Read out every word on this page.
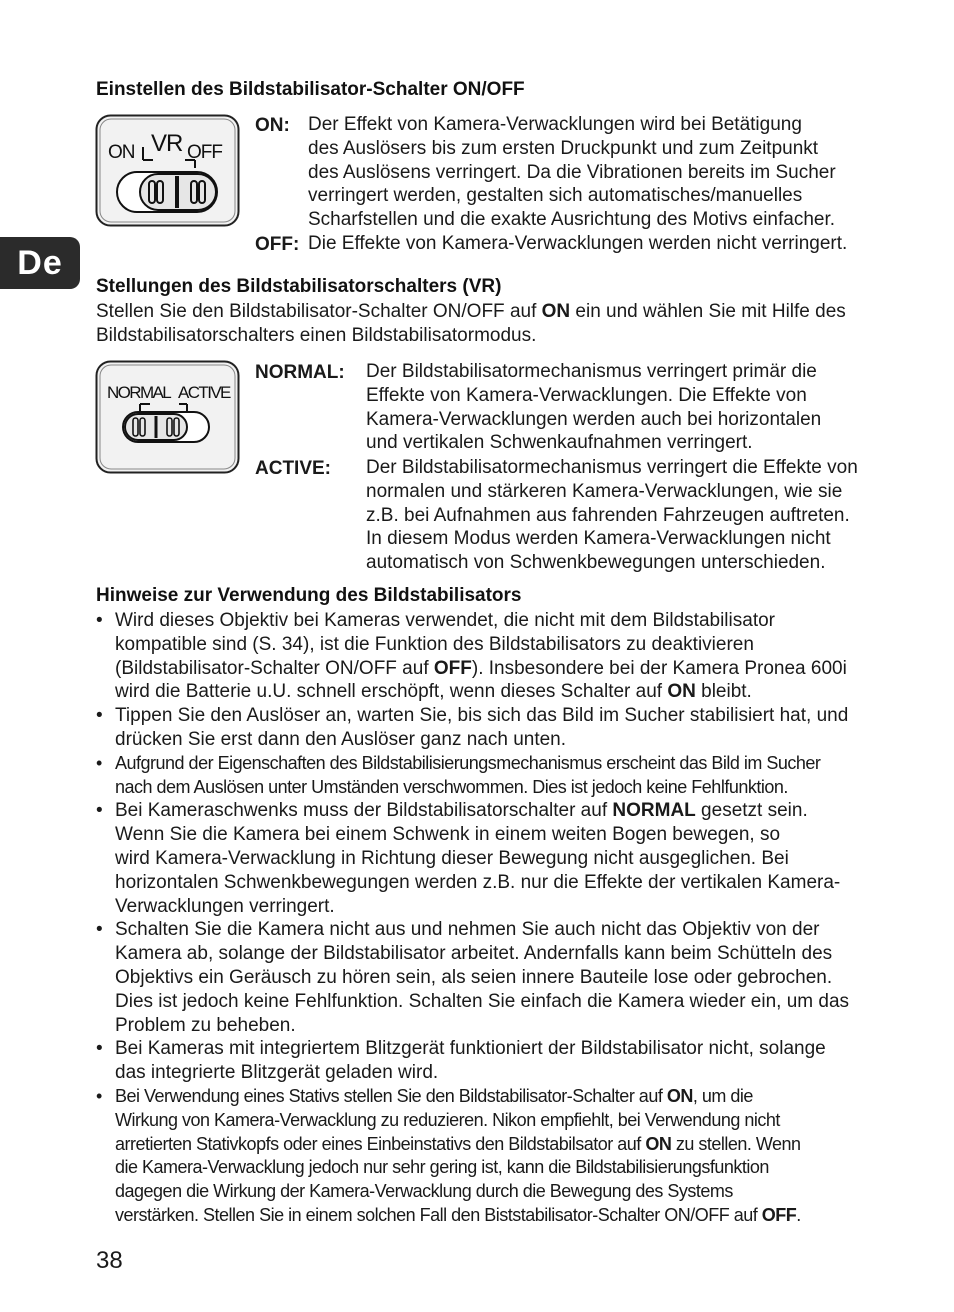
De
Einstellen des Bildstabilisator-Schalter ON/OFF
VR
ON	OFF
ON: Der Effekt von Kamera-Verwacklungen wird bei Betätigung
des Auslösers bis zum ersten Druckpunkt und zum Zeitpunkt
des Auslösens verringert. Da die Vibrationen bereits im Sucher
verringert werden, gestalten sich automatisches/manuelles
Scharfstellen und die exakte Ausrichtung des Motivs einfacher.
OFF: Die Effekte von Kamera-Verwacklungen werden nicht verringert.
Stellungen des Bildstabilisatorschalters (VR)
Stellen Sie den Bildstabilisator-Schalter ON/OFF auf ON ein und wählen Sie mit Hilfe des
Bildstabilisatorschalters einen Bildstabilisatormodus.
NORMAL ACTIVE
NORMAL: Der Bildstabilisatormechanismus verringert primär die
Effekte von Kamera-Verwacklungen. Die Effekte von
Kamera-Verwacklungen werden auch bei horizontalen
und vertikalen Schwenkaufnahmen verringert.
ACTIVE: Der Bildstabilisatormechanismus verringert die Effekte von
normalen und stärkeren Kamera-Verwacklungen, wie sie
z.B. bei Aufnahmen aus fahrenden Fahrzeugen auftreten.
In diesem Modus werden Kamera-Verwacklungen nicht
automatisch von Schwenkbewegungen unterschieden.
Hinweise zur Verwendung des Bildstabilisators
• Wird dieses Objektiv bei Kameras verwendet, die nicht mit dem Bildstabilisator
kompatible sind (S. 34), ist die Funktion des Bildstabilisators zu deaktivieren
(Bildstabilisator-Schalter ON/OFF auf OFF). Insbesondere bei der Kamera Pronea 600i
wird die Batterie u.U. schnell erschöpft, wenn dieses Schalter auf ON bleibt.
• Tippen Sie den Auslöser an, warten Sie, bis sich das Bild im Sucher stabilisiert hat, und
drücken Sie erst dann den Auslöser ganz nach unten.
• Aufgrund der Eigenschaften des Bildstabilisierungsmechanismus erscheint das Bild im Sucher
nach dem Auslösen unter Umständen verschwommen. Dies ist jedoch keine Fehlfunktion.
• Bei Kameraschwenks muss der Bildstabilisatorschalter auf NORMAL gesetzt sein.
Wenn Sie die Kamera bei einem Schwenk in einem weiten Bogen bewegen, so
wird Kamera-Verwacklung in Richtung dieser Bewegung nicht ausgeglichen. Bei
horizontalen Schwenkbewegungen werden z.B. nur die Effekte der vertikalen Kamera-
Verwacklungen verringert.
• Schalten Sie die Kamera nicht aus und nehmen Sie auch nicht das Objektiv von der
Kamera ab, solange der Bildstabilisator arbeitet. Andernfalls kann beim Schütteln des
Objektivs ein Geräusch zu hören sein, als seien innere Bauteile lose oder gebrochen.
Dies ist jedoch keine Fehlfunktion. Schalten Sie einfach die Kamera wieder ein, um das
Problem zu beheben.
• Bei Kameras mit integriertem Blitzgerät funktioniert der Bildstabilisator nicht, solange
das integrierte Blitzgerät geladen wird.
• Bei Verwendung eines Stativs stellen Sie den Bildstabilisator-Schalter auf ON, um die
Wirkung von Kamera-Verwacklung zu reduzieren. Nikon empfiehlt, bei Verwendung nicht
arretierten Stativkopfs oder eines Einbeinstativs den Bildstabilsator auf ON zu stellen. Wenn
die Kamera-Verwacklung jedoch nur sehr gering ist, kann die Bildstabilisierungsfunktion
dagegen die Wirkung der Kamera-Verwacklung durch die Bewegung des Systems
verstärken. Stellen Sie in einem solchen Fall den Biststabilisator-Schalter ON/OFF auf OFF.
38
